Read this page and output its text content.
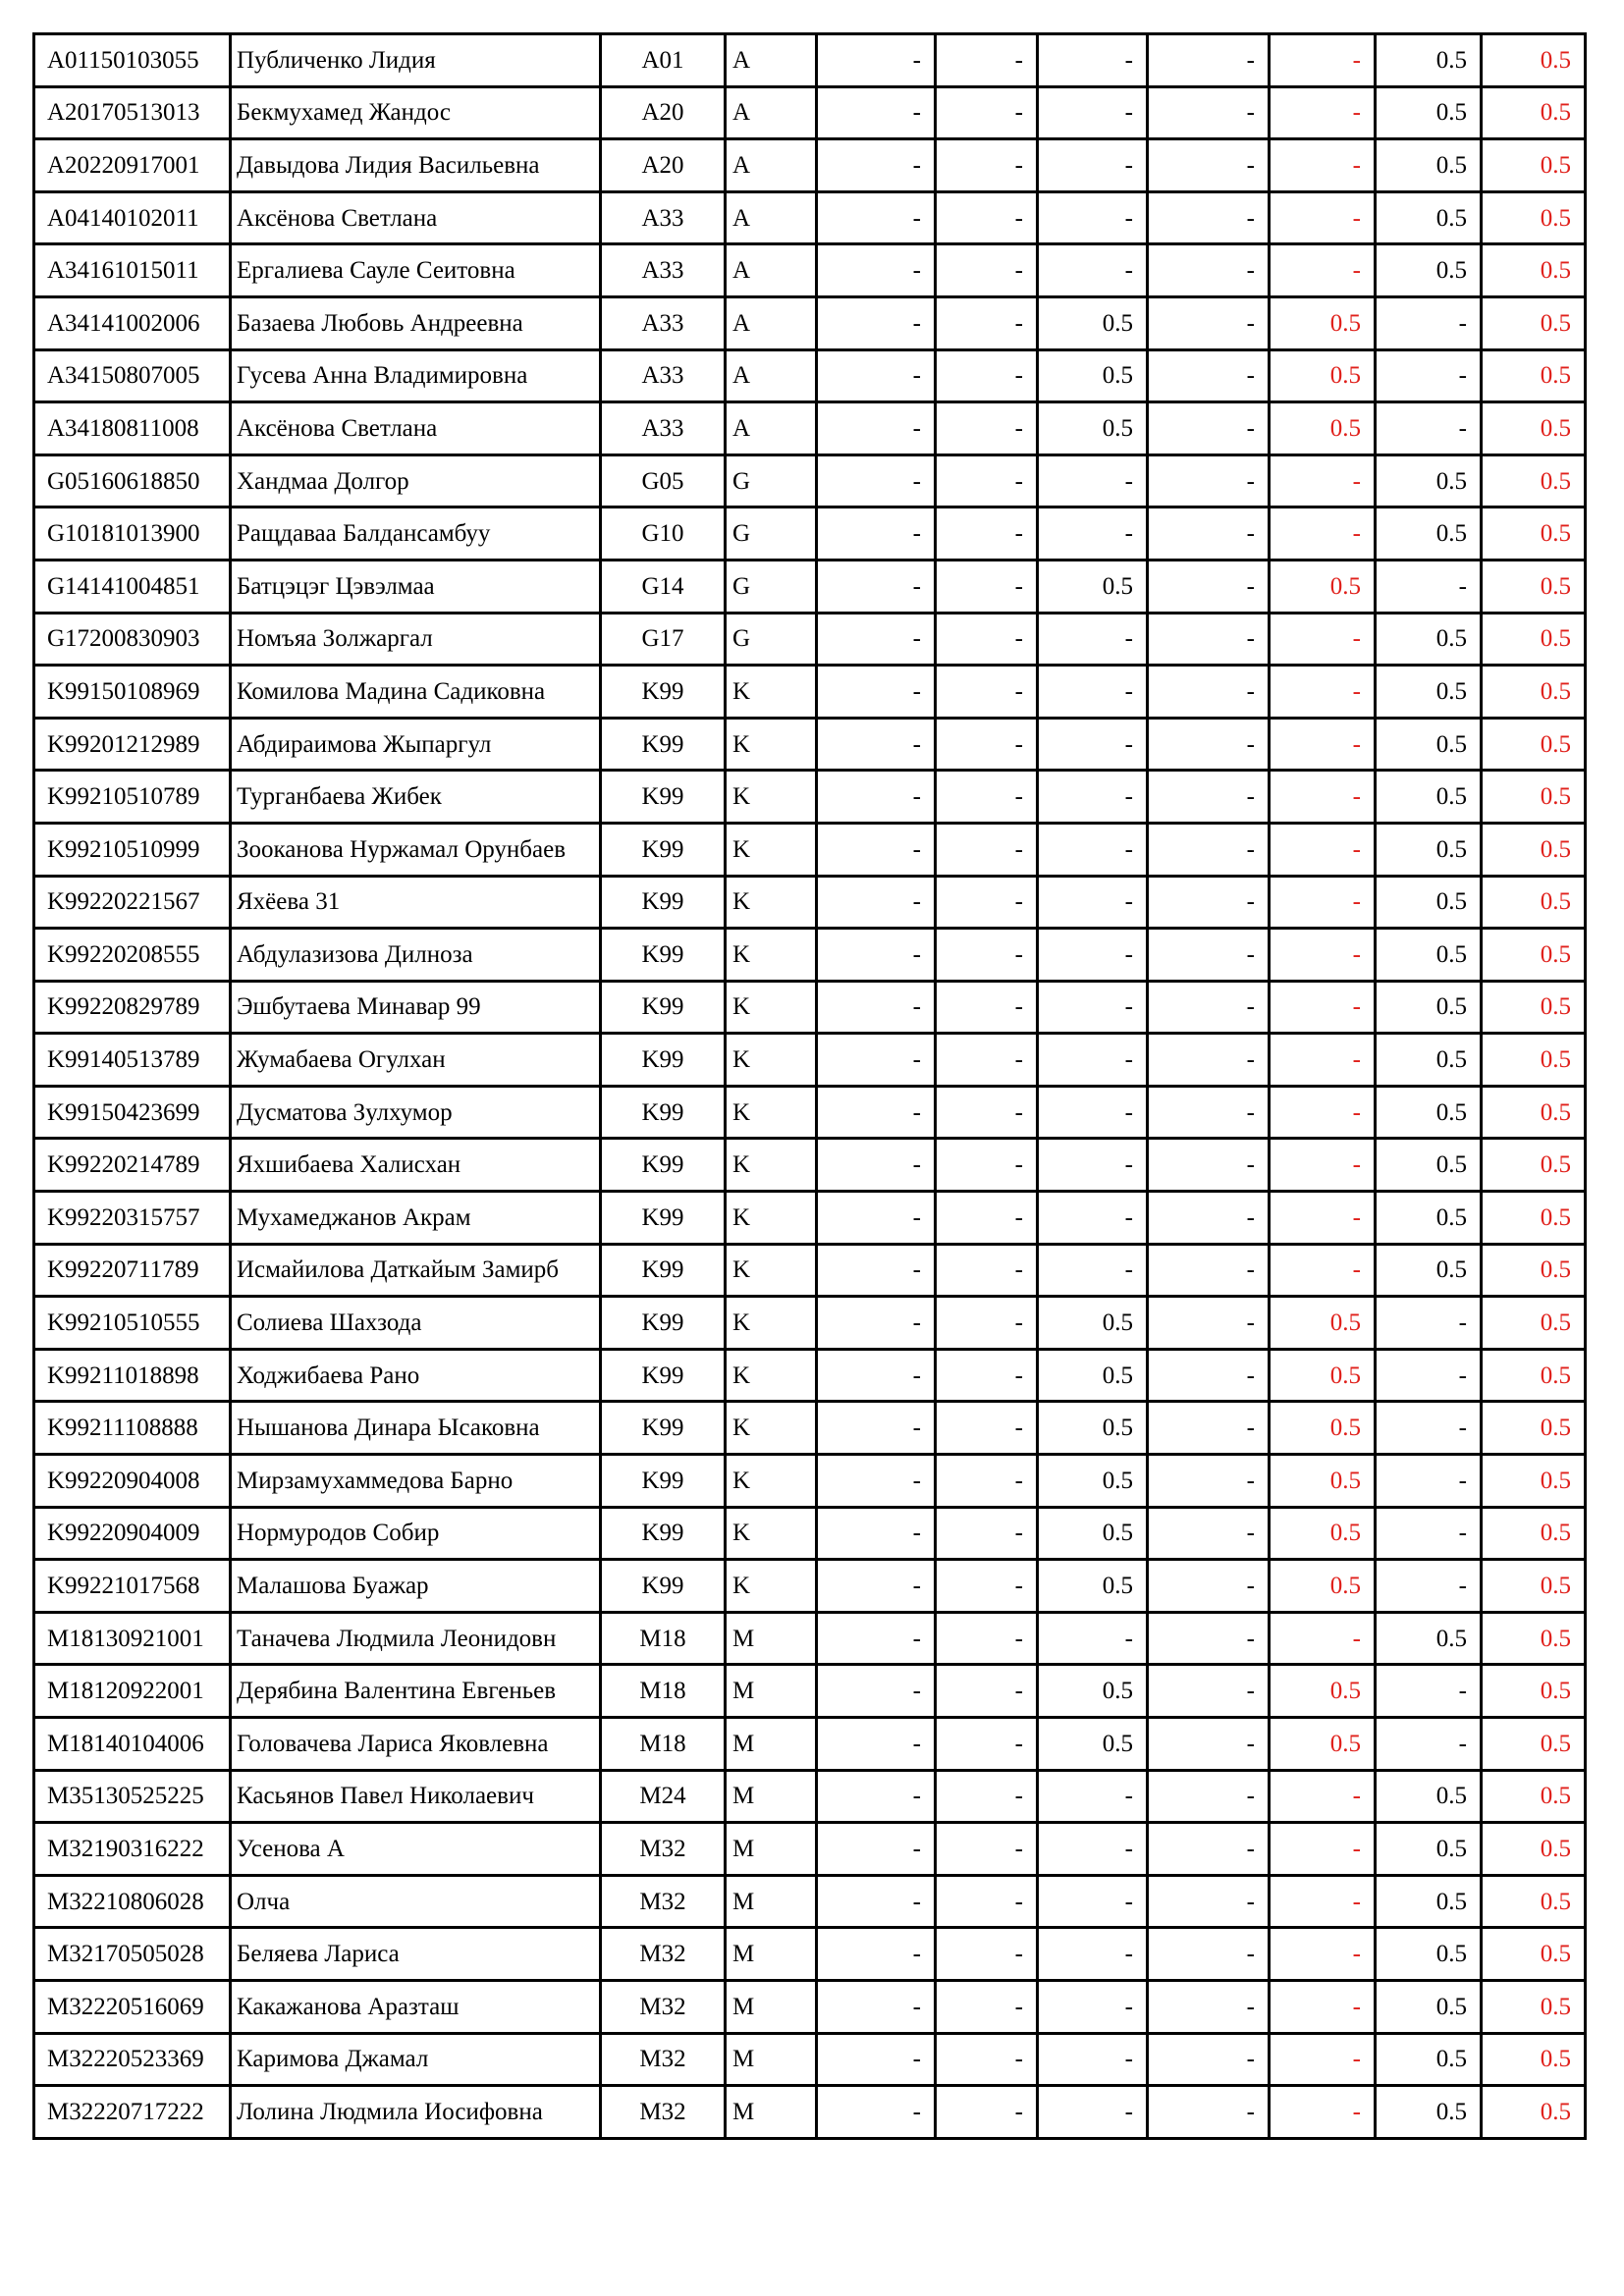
A01150103055	Публиченко Лидия	A01	A	-	-	-	-	-	0.5	0.5
A20170513013	Бекмухамед Жандос	A20	A	-	-	-	-	-	0.5	0.5
A20220917001	Давыдова Лидия Васильевна	A20	A	-	-	-	-	-	0.5	0.5
A04140102011	Аксёнова Светлана	A33	A	-	-	-	-	-	0.5	0.5
A34161015011	Ергалиева Сауле Сеитовна	A33	A	-	-	-	-	-	0.5	0.5
A34141002006	Базаева Любовь Андреевна	A33	A	-	-	0.5	-	0.5	-	0.5
A34150807005	Гусева Анна Владимировна	A33	A	-	-	0.5	-	0.5	-	0.5
A34180811008	Аксёнова Светлана	A33	A	-	-	0.5	-	0.5	-	0.5
G05160618850	Хандмаа Долгор	G05	G	-	-	-	-	-	0.5	0.5
G10181013900	Ращдаваа Балдансамбуу	G10	G	-	-	-	-	-	0.5	0.5
G14141004851	Батцэцэг Цэвэлмаа	G14	G	-	-	0.5	-	0.5	-	0.5
G17200830903	Номъяа Золжаргал	G17	G	-	-	-	-	-	0.5	0.5
K99150108969	Комилова Мадина Садиковна	K99	K	-	-	-	-	-	0.5	0.5
K99201212989	Абдираимова Жыпаргул	K99	K	-	-	-	-	-	0.5	0.5
K99210510789	Турганбаева Жибек	K99	K	-	-	-	-	-	0.5	0.5
K99210510999	Зооканова Нуржамал Орунбаев	K99	K	-	-	-	-	-	0.5	0.5
K99220221567	Яхёева 31	K99	K	-	-	-	-	-	0.5	0.5
K99220208555	Абдулазизова Дилноза	K99	K	-	-	-	-	-	0.5	0.5
K99220829789	Эшбутаева Минавар 99	K99	K	-	-	-	-	-	0.5	0.5
K99140513789	Жумабаева Огулхан	K99	K	-	-	-	-	-	0.5	0.5
K99150423699	Дусматова Зулхумор	K99	K	-	-	-	-	-	0.5	0.5
K99220214789	Яхшибаева Халисхан	K99	K	-	-	-	-	-	0.5	0.5
K99220315757	Мухамеджанов Акрам	K99	K	-	-	-	-	-	0.5	0.5
K99220711789	Исмайилова Даткайым Замирб	K99	K	-	-	-	-	-	0.5	0.5
K99210510555	Солиева Шахзода	K99	K	-	-	0.5	-	0.5	-	0.5
K99211018898	Ходжибаева Рано	K99	K	-	-	0.5	-	0.5	-	0.5
K99211108888	Нышанова Динара Ысаковна	K99	K	-	-	0.5	-	0.5	-	0.5
K99220904008	Мирзамухаммедова Барно	K99	K	-	-	0.5	-	0.5	-	0.5
K99220904009	Нормуродов Собир	K99	K	-	-	0.5	-	0.5	-	0.5
K99221017568	Малашова Буажар	K99	K	-	-	0.5	-	0.5	-	0.5
M18130921001	Таначева Людмила Леонидовн	M18	M	-	-	-	-	-	0.5	0.5
M18120922001	Дерябина Валентина Евгеньев	M18	M	-	-	0.5	-	0.5	-	0.5
M18140104006	Головачева Лариса Яковлевна	M18	M	-	-	0.5	-	0.5	-	0.5
M35130525225	Касьянов Павел Николаевич	M24	M	-	-	-	-	-	0.5	0.5
M32190316222	Усенова А	M32	M	-	-	-	-	-	0.5	0.5
M32210806028	Олча	M32	M	-	-	-	-	-	0.5	0.5
M32170505028	Беляева Лариса	M32	M	-	-	-	-	-	0.5	0.5
M32220516069	Какажанова Аразташ	M32	M	-	-	-	-	-	0.5	0.5
M32220523369	Каримова Джамал	M32	M	-	-	-	-	-	0.5	0.5
M32220717222	Лолина Людмила Иосифовна	M32	M	-	-	-	-	-	0.5	0.5
